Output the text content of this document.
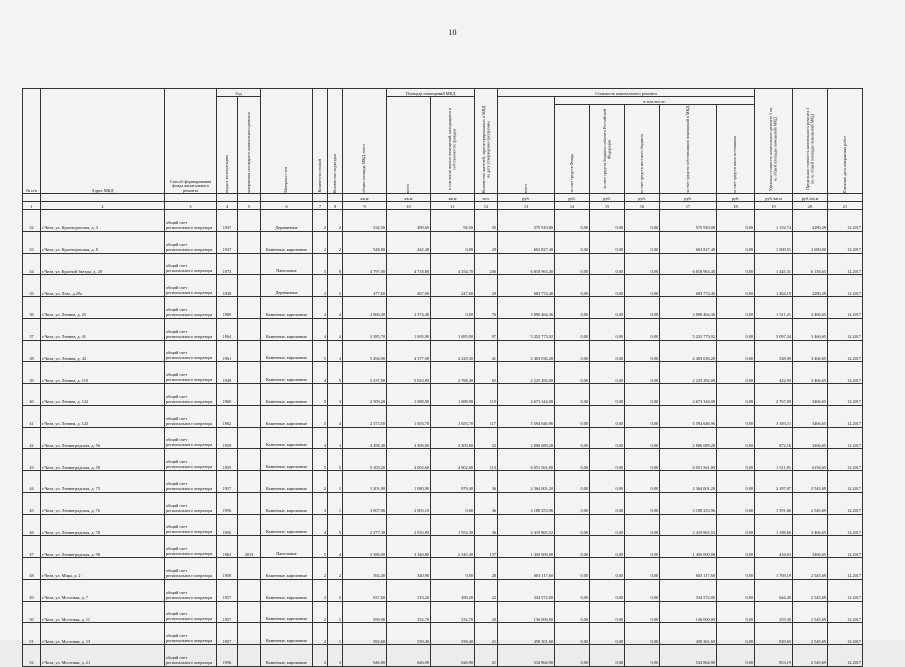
10
№ п/п	Адрес МКД	Способ формирования фонда капитального ремонта	Год		Материал стен	Количество этажей	Количество подъездов	общая площадь МКД, всего	Площадь помещений МКД		Количество жителей, зарегистрированных в МКД на дату утверждения программы	Стоимость капитального ремонта						Удельная стоимость капитального ремонта 1 кв. м. общей площади помещений МКД	Предельная стоимость капитального ремонта 1 кв. м. общей площади помещений МКД	Плановая дата завершения работ

			ввода в эксплуатацию	завершения последнего капитального ремонта					всего	в том числе жилых помещений, находящихся в собственности граждан		всего	в том числе:							

													за счет средств Фонда	за счет средств бюджета субъекта Российской Федерации	за счет средств местного бюджета	за счет средств собственников помещений в МКД	за счет средств иных источников			

								кв.м	кв.м	кв.м	чел.	руб.	руб.	руб.	руб.	руб.	руб.	руб./кв.м	руб./кв.м	
1	2	3	4	5	6	7	8	9	10	11	12	13	14	15	16	17	18	19	20	21
32	г.Чита, ул. Краснодонская, д. 3	общий счет регионального оператора	1937		Деревянные	2	2	532,50	499,60	94,50	35	575 910,00	0,00	0,00	0,00	575 910,00	0,00	1 152,74	2280,29	12.2017
33	г.Чита, ул. Краснодонская, д. 8	общий счет регионального оператора	1937		Каменные, кирпичные	2	2	548,80	442,40	0,00	29	663 827,40	0,00	0,00	0,00	663 827,40	0,00	1 500,51	2 690,00	12.2017
34	г.Чита, ул. Красной Звезды, д. 20	общий счет регионального оператора	1973		Панельные	5	6	4 797,00	4 718,80	4 354,70	236	6 818 963,40	0,00	0,00	0,00	6 818 963,40	0,00	1 445,31	6 156,65	12.2017
35	г.Чита, ул. Лазо, д.29а	общий счет регионального оператора	1938		Деревянные	2	2	477,60	467,00	247,60	29	683 774,40	0,00	0,00	0,00	683 774,40	0,00	1 464,19	2280,29	12.2017
36	г.Чита, ул. Ленина, д. 25	общий счет регионального оператора	1969		Каменные, кирпичные	4	4	2 860,40	2 574,40	0,00	76	3 890 464,36	0,00	0,00	0,00	3 890 464,36	0,00	1 511,21	3 466,65	12.2017
37	г.Чита, ул. Ленина, д. 41	общий счет регионального оператора	1964		Каменные, кирпичные	4	4	2 585,70	1 695,90	1 695,90	97	5 252 773,92	0,00	0,00	0,00	5 252 773,92	0,00	3 097,34	3 466,65	12.2017
38	г.Чита, ул. Ленина, д. 42	общий счет регионального оператора	1961		Каменные, кирпичные	5	3	5 494,90	4 377,90	4 229,30	41	2 403 036,28	0,00	0,00	0,00	2 403 036,28	0,00	548,90	3 466,65	12.2017
39	г.Чита, ул. Ленина, д. 110	общий счет регионального оператора	1949		Каменные, кирпичные	4	5	5 437,90	5 023,80	2 768,40	65	2 225 282,00	0,00	0,00	0,00	2 225 282,00	0,00	442,95	3 466,65	12.2017
40	г.Чита, ул. Ленина, д. 122	общий счет регионального оператора	1960		Каменные, кирпичные	5	3	2 509,20	1 688,90	1 688,90	115	4 673 344,00	0,00	0,00	0,00	4 673 344,00	0,00	2 767,09	3466,65	12.2017
41	г.Чита, ул. Ленина, д. 123	общий счет регионального оператора	1962		Каменные, кирпичные	5	4	2 573,50	1 653,70	1 653,70	117	5 594 646,96	0,00	0,00	0,00	5 594 646,96	0,00	3 383,11	3466,65	12.2017
42	г.Чита, ул. Ленинградская, д. 56	общий счет регионального оператора	1959		Каменные, кирпичные	4	3	4 498,40	3 309,80	3 309,80	32	2 886 689,28	0,00	0,00	0,00	2 886 689,28	0,00	872,16	3466,65	12.2017
43	г.Чита, ул. Ленинградская, д. 58	общий счет регионального оператора	1955		Каменные, кирпичные	5	5	5 103,20	4 002,60	4 002,60	113	6 051 561,00	0,00	0,00	0,00	6 051 561,00	0,00	1 511,91	6156,65	12.2017
44	г.Чита, ул. Ленинградская, д. 75	общий счет регионального оператора	1957		Каменные, кирпичные	2	1	1 201,00	1 080,90	979,40	36	2 364 001,20	0,00	0,00	0,00	2 364 001,20	0,00	2 187,07	2 545,69	12.2017
45	г.Чита, ул. Ленинградская, д. 76	общий счет регионального оператора	1956		Каменные, кирпичные	3	1	3 007,06	2 003,10	0,00	36	3 188 253,96	0,00	0,00	0,00	3 188 253,96	0,00	1 591,66	2 545,69	12.2017
46	г.Чита, ул. Ленинградская, д. 78	общий счет регионального оператора	1956		Каменные, кирпичные	4	5	2 277,30	2 035,80	1 952,30	36	2 419 865,52	0,00	0,00	0,00	2 419 865,52	0,00	1 188,66	3 466,65	12.2017
47	г.Чита, ул. Ленинградская, д. 98	общий счет регионального оператора	1963	2013	Панельные	5	4	3 386,00	3 340,80	2 545,40	137	1 450 000,00	0,00	0,00	0,00	1 450 000,00	0,00	434,03	3466,65	12.2017
48	г.Чита, ул. Мира, д. 2	общий счет регионального оператора	1958		Каменные, кирпичные	2	2	392,40	340,90	0,00	28	603 117,60	0,00	0,00	0,00	603 117,60	0,00	1 769,19	2 545,69	12.2017
49	г.Чита, ул. Мостовая, д. 7	общий счет регионального оператора	1957		Каменные, кирпичные	2	2	937,60	519,20	490,20	22	334 572,00	0,00	0,00	0,00	334 572,00	0,00	644,40	2 545,69	12.2017
50	г.Чита, ул. Мостовая, д. 11	общий счет регионального оператора	1957		Каменные, кирпичные	2	1	959,90	532,70	532,70	20	136 000,00	0,00	0,00	0,00	136 000,00	0,00	255,30	2 545,69	12.2017
51	г.Чита, ул. Мостовая, д. 13	общий счет регионального оператора	1957		Каменные, кирпичные	2	1	582,60	539,40	539,40	21	458 301,60	0,00	0,00	0,00	458 301,60	0,00	849,65	2 545,69	12.2017
52	г.Чита, ул. Мостовая, д. 21	общий счет регионального оператора	1956		Каменные, кирпичные	2	3	646,80	626,90	626,90	21	534 864,90	0,00	0,00	0,00	534 864,90	0,00	853,19	2 545,69	12.2017
